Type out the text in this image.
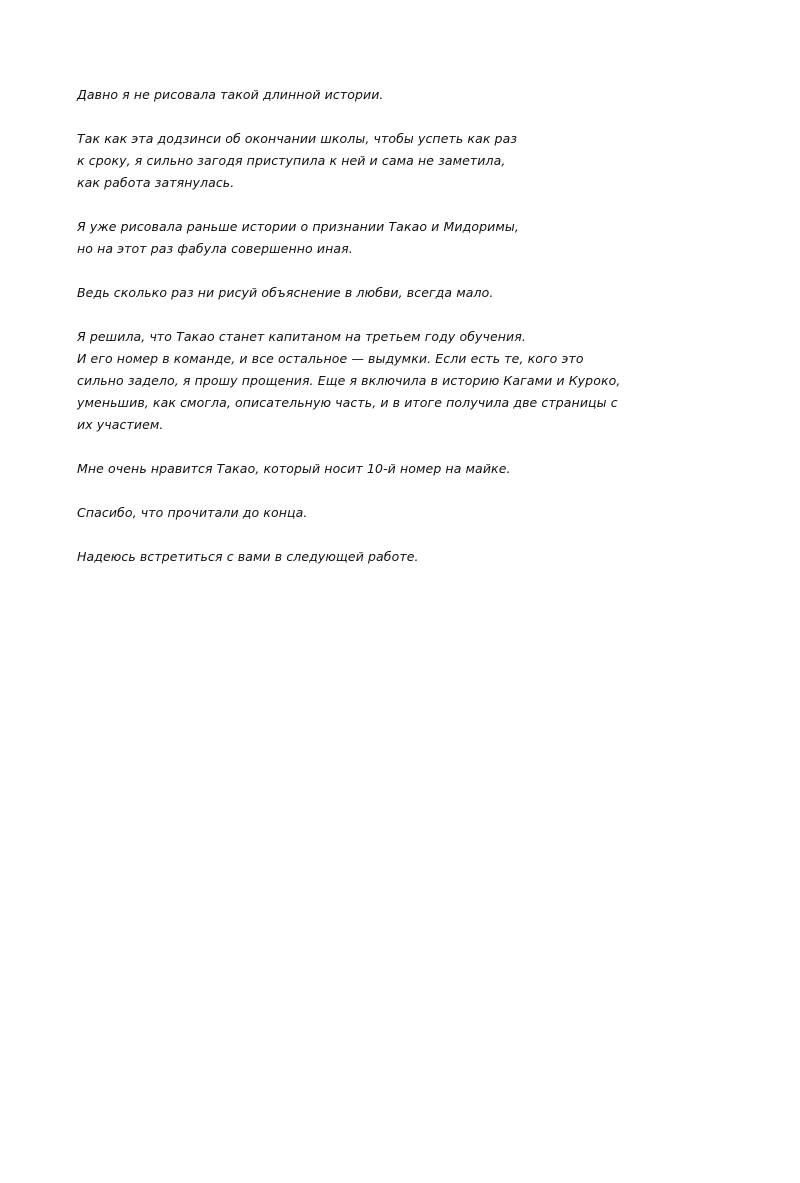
Давно я не рисовала такой длинной истории.

Так как эта додзинси об окончании школы, чтобы успеть как раз
к сроку, я сильно загодя приступила к ней и сама не заметила,
как работа затянулась.

Я уже рисовала раньше истории о признании Такао и Мидоримы,
но на этот раз фабула совершенно иная.

Ведь сколько раз ни рисуй объяснение в любви, всегда мало.

Я решила, что Такао станет капитаном на третьем году обучения.
И его номер в команде, и все остальное — выдумки. Если есть те, кого это
сильно задело, я прошу прощения. Еще я включила в историю Кагами и Куроко,
уменьшив, как смогла, описательную часть, и в итоге получила две страницы с
их участием.

Мне очень нравится Такао, который носит 10-й номер на майке.

Спасибо, что прочитали до конца.

Надеюсь встретиться с вами в следующей работе.
